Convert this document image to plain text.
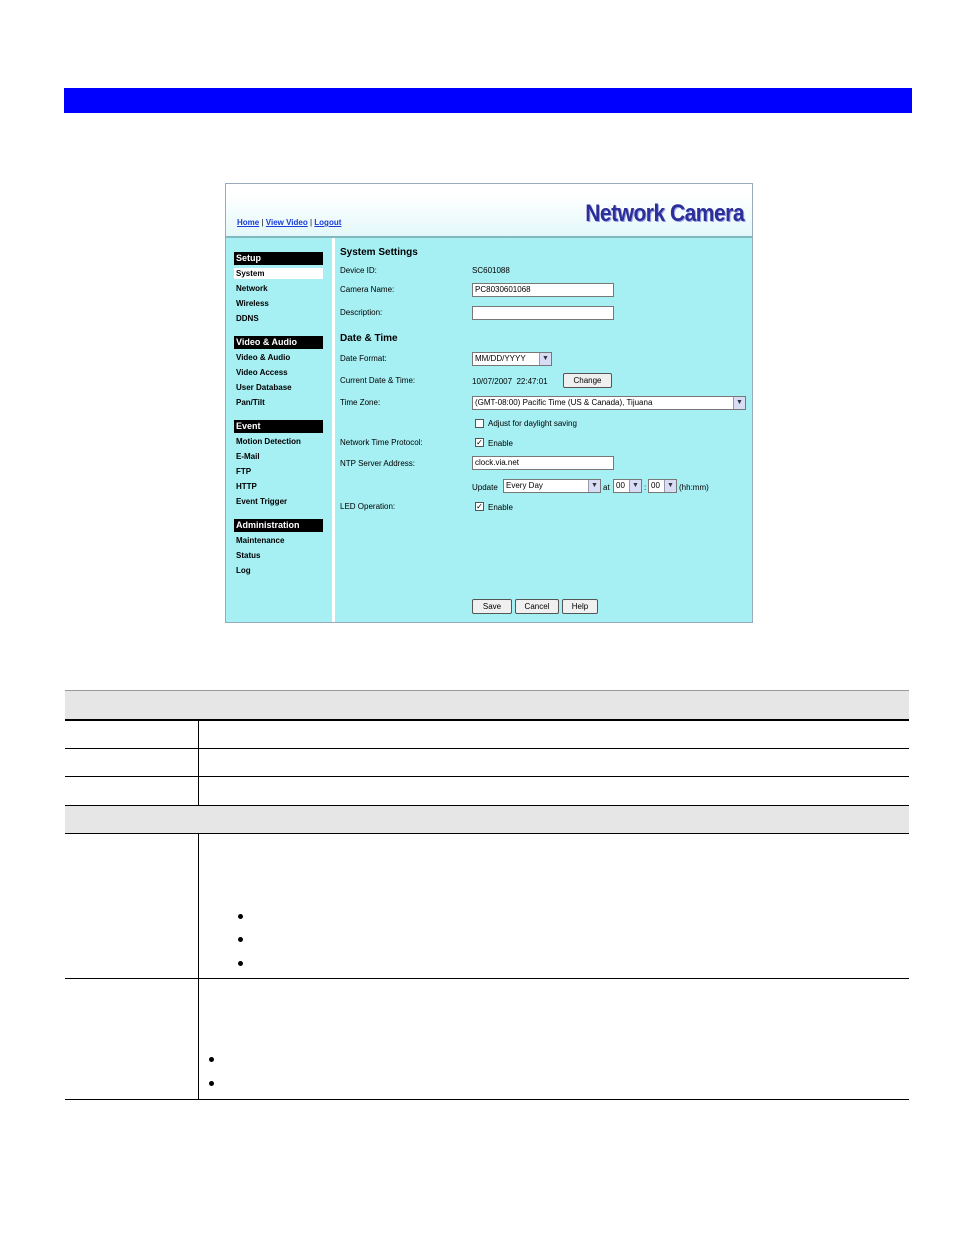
Home | View Video | Logout	Network Camera
Setup
System
Network
Wireless
DDNS
Video & Audio
Video & Audio
Video Access
User Database
Pan/Tilt
Event
Motion Detection
E-Mail
FTP
HTTP
Event Trigger
Administration
Maintenance
Status
Log
System Settings
Device ID:	SC601088
Camera Name:	PC8030601068
Description:
Date & Time
Date Format:	MM/DD/YYYY	▼
Current Date & Time:	10/07/2007  22:47:01	Change
Time Zone:	(GMT-08:00) Pacific Time (US & Canada), Tijuana	▼
Adjust for daylight saving
Network Time Protocol:	✓ Enable
NTP Server Address:	clock.via.net
Update	Every Day	▼ at 00	▼ : 00	▼ (hh:mm)
LED Operation:	✓ Enable
Save	Cancel	Help
